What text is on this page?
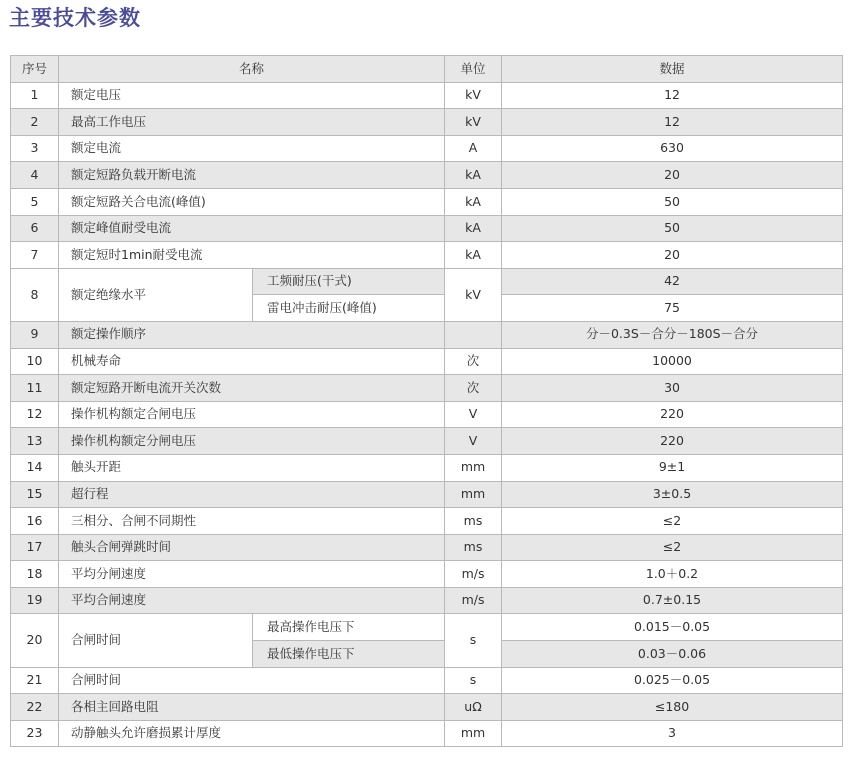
主要技术参数
序号	名称		单位	数据
1	额定电压		kV	12
2	最高工作电压		kV	12
3	额定电流		A	630
4	额定短路负载开断电流		kA	20
5	额定短路关合电流(峰值)		kA	50
6	额定峰值耐受电流		kA	50
7	额定短时1min耐受电流		kA	20
8	额定绝缘水平	工频耐压(干式)	kV	42
		雷电冲击耐压(峰值)		75
9	额定操作顺序			分－0.3S－合分－180S－合分
10	机械寿命		次	10000
11	额定短路开断电流开关次数		次	30
12	操作机构额定合闸电压		V	220
13	操作机构额定分闸电压		V	220
14	触头开距		mm	9±1
15	超行程		mm	3±0.5
16	三相分、合闸不同期性		ms	≤2
17	触头合闸弹跳时间		ms	≤2
18	平均分闸速度		m/s	1.0＋0.2
19	平均合闸速度		m/s	0.7±0.15
20	合闸时间	最高操作电压下	s	0.015－0.05
		最低操作电压下		0.03－0.06
21	合闸时间		s	0.025－0.05
22	各相主回路电阻		uΩ	≤180
23	动静触头允许磨损累计厚度		mm	3
